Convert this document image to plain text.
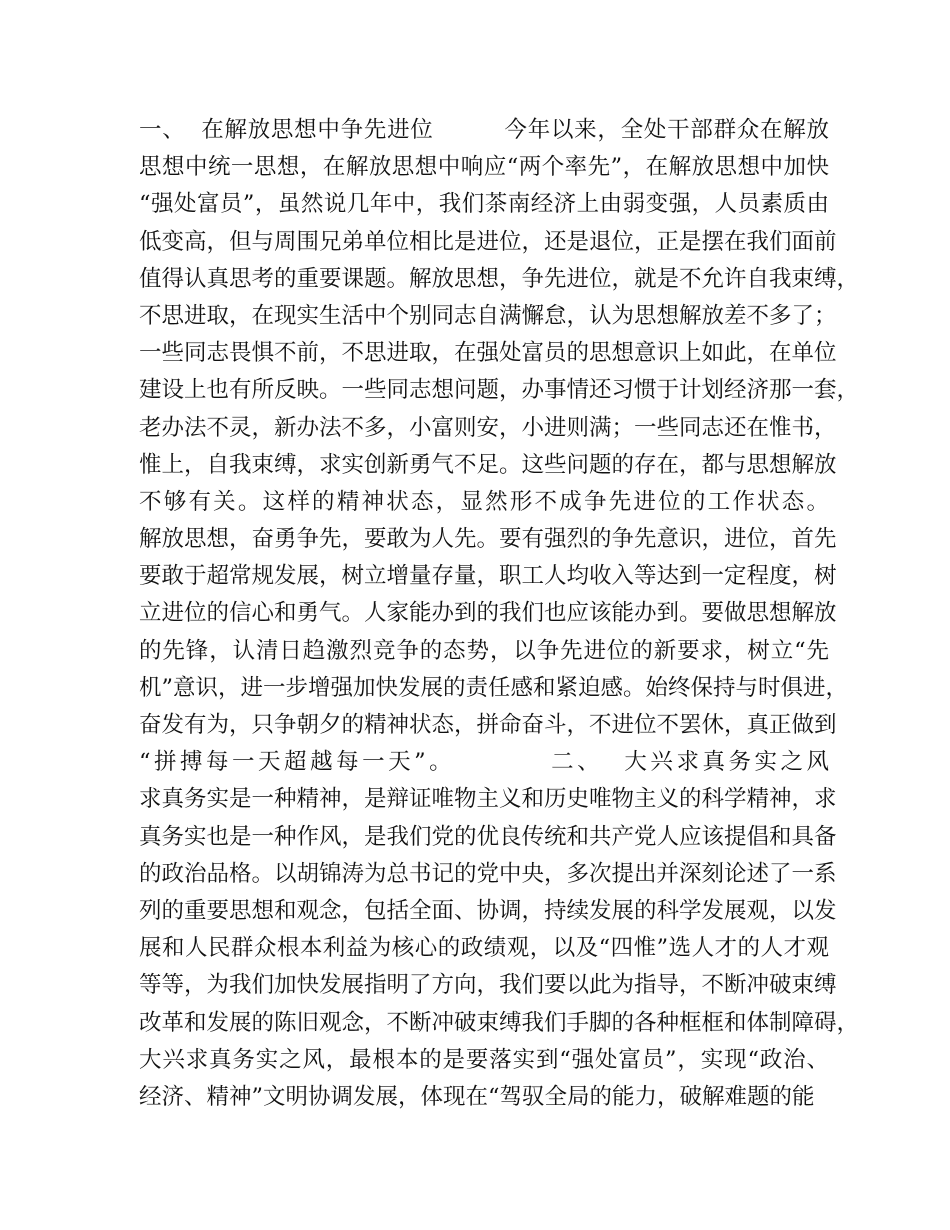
一、  在解放思想中争先进位         今年以来，全处干部群众在解放
思想中统一思想，在解放思想中响应“两个率先”，在解放思想中加快
“强处富员”，虽然说几年中，我们茶南经济上由弱变强，人员素质由
低变高，但与周围兄弟单位相比是进位，还是退位，正是摆在我们面前
值得认真思考的重要课题。解放思想，争先进位，就是不允许自我束缚，
不思进取，在现实生活中个别同志自满懈怠，认为思想解放差不多了；
一些同志畏惧不前，不思进取，在强处富员的思想意识上如此，在单位
建设上也有所反映。一些同志想问题，办事情还习惯于计划经济那一套，
老办法不灵，新办法不多，小富则安，小进则满；一些同志还在惟书，
惟上，自我束缚，求实创新勇气不足。这些问题的存在，都与思想解放
不够有关。这样的精神状态，显然形不成争先进位的工作状态。
解放思想，奋勇争先，要敢为人先。要有强烈的争先意识，进位，首先
要敢于超常规发展，树立增量存量，职工人均收入等达到一定程度，树
立进位的信心和勇气。人家能办到的我们也应该能办到。要做思想解放
的先锋，认清日趋激烈竞争的态势，以争先进位的新要求，树立“先
机”意识，进一步增强加快发展的责任感和紧迫感。始终保持与时俱进，
奋发有为，只争朝夕的精神状态，拼命奋斗，不进位不罢休，真正做到
“拼搏每一天超越每一天”。         二、  大兴求真务实之风
求真务实是一种精神，是辩证唯物主义和历史唯物主义的科学精神，求
真务实也是一种作风，是我们党的优良传统和共产党人应该提倡和具备
的政治品格。以胡锦涛为总书记的党中央，多次提出并深刻论述了一系
列的重要思想和观念，包括全面、协调，持续发展的科学发展观，以发
展和人民群众根本利益为核心的政绩观，以及“四惟”选人才的人才观
等等，为我们加快发展指明了方向，我们要以此为指导，不断冲破束缚
改革和发展的陈旧观念，不断冲破束缚我们手脚的各种框框和体制障碍，
大兴求真务实之风，最根本的是要落实到“强处富员”，实现“政治、
经济、精神”文明协调发展，体现在“驾驭全局的能力，破解难题的能
